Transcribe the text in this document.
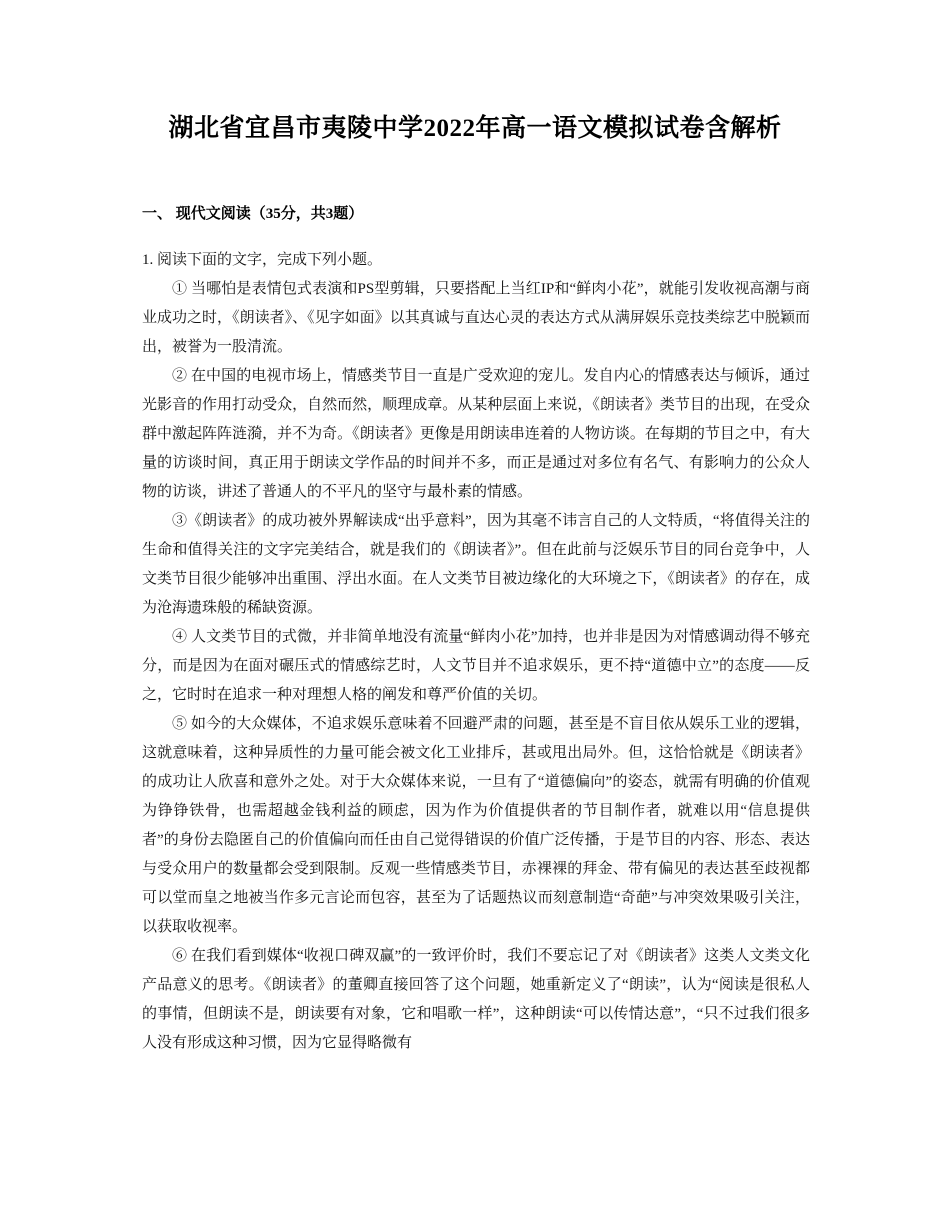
湖北省宜昌市夷陵中学2022年高一语文模拟试卷含解析
一、 现代文阅读（35分，共3题）

1. 阅读下面的文字，完成下列小题。

① 当哪怕是表情包式表演和PS型剪辑，只要搭配上当红IP和“鲜肉小花”，就能引发收视高潮与商业成功之时，《朗读者》、《见字如面》以其真诚与直达心灵的表达方式从满屏娱乐竞技类综艺中脱颖而出，被誉为一股清流。

② 在中国的电视市场上，情感类节目一直是广受欢迎的宠儿。发自内心的情感表达与倾诉，通过光影音的作用打动受众，自然而然，顺理成章。从某种层面上来说，《朗读者》类节目的出现，在受众群中激起阵阵涟漪，并不为奇。《朗读者》更像是用朗读串连着的人物访谈。在每期的节目之中，有大量的访谈时间，真正用于朗读文学作品的时间并不多，而正是通过对多位有名气、有影响力的公众人物的访谈，讲述了普通人的不平凡的坚守与最朴素的情感。

③《朗读者》的成功被外界解读成“出乎意料”，因为其毫不讳言自己的人文特质，“将值得关注的生命和值得关注的文字完美结合，就是我们的《朗读者》”。但在此前与泛娱乐节目的同台竞争中，人文类节目很少能够冲出重围、浮出水面。在人文类节目被边缘化的大环境之下，《朗读者》的存在，成为沧海遗珠般的稀缺资源。

④ 人文类节目的式微，并非简单地没有流量“鲜肉小花”加持，也并非是因为对情感调动得不够充分，而是因为在面对碾压式的情感综艺时，人文节目并不追求娱乐，更不持“道德中立”的态度——反之，它时时在追求一种对理想人格的阐发和尊严价值的关切。

⑤ 如今的大众媒体，不追求娱乐意味着不回避严肃的问题，甚至是不盲目依从娱乐工业的逻辑，这就意味着，这种异质性的力量可能会被文化工业排斥，甚或甩出局外。但，这恰恰就是《朗读者》的成功让人欣喜和意外之处。对于大众媒体来说，一旦有了“道德偏向”的姿态，就需有明确的价值观为铮铮铁骨，也需超越金钱利益的顾虑，因为作为价值提供者的节目制作者，就难以用“信息提供者”的身份去隐匿自己的价值偏向而任由自己觉得错误的价值广泛传播，于是节目的内容、形态、表达与受众用户的数量都会受到限制。反观一些情感类节目，赤裸裸的拜金、带有偏见的表达甚至歧视都可以堂而皇之地被当作多元言论而包容，甚至为了话题热议而刻意制造“奇葩”与冲突效果吸引关注，以获取收视率。

⑥ 在我们看到媒体“收视口碑双赢”的一致评价时，我们不要忘记了对《朗读者》这类人文类文化产品意义的思考。《朗读者》的董卿直接回答了这个问题，她重新定义了“朗读”，认为“阅读是很私人的事情，但朗读不是，朗读要有对象，它和唱歌一样”，这种朗读“可以传情达意”，“只不过我们很多人没有形成这种习惯，因为它显得略微有
